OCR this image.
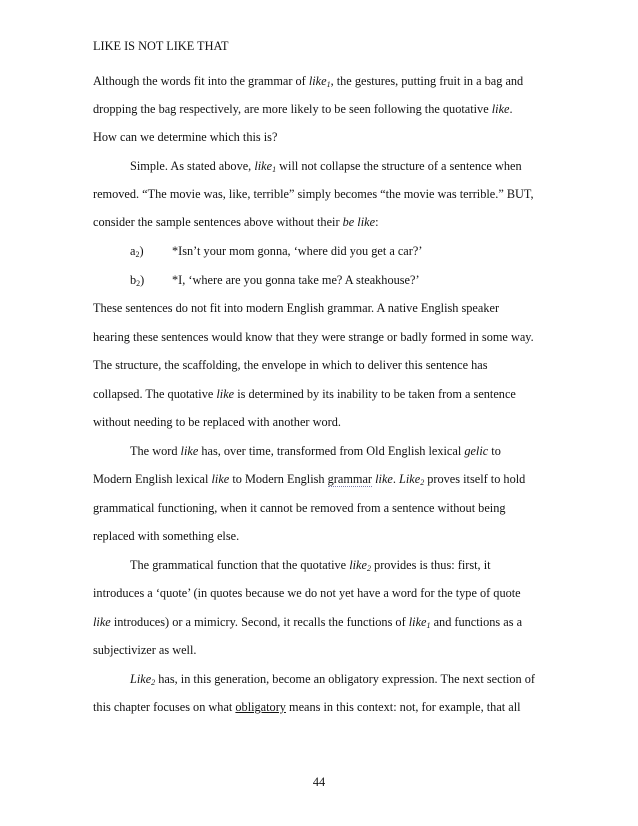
LIKE IS NOT LIKE THAT
Although the words fit into the grammar of like$_1$, the gestures, putting fruit in a bag and
dropping the bag respectively, are more likely to be seen following the quotative like.
How can we determine which this is?
Simple. As stated above, like$_1$ will not collapse the structure of a sentence when
removed. “The movie was, like, terrible” simply becomes “the movie was terrible.” BUT,
consider the sample sentences above without their be like:
$a_2$) *Isn’t your mom gonna, ‘where did you get a car?’
$b_2$) *I, ‘where are you gonna take me? A steakhouse?’
These sentences do not fit into modern English grammar. A native English speaker
hearing these sentences would know that they were strange or badly formed in some way.
The structure, the scaffolding, the envelope in which to deliver this sentence has
collapsed. The quotative like is determined by its inability to be taken from a sentence
without needing to be replaced with another word.
The word like has, over time, transformed from Old English lexical gelic to
Modern English lexical like to Modern English grammar like. Like$_2$ proves itself to hold
grammatical functioning, when it cannot be removed from a sentence without being
replaced with something else.
The grammatical function that the quotative like$_2$ provides is thus: first, it
introduces a ‘quote’ (in quotes because we do not yet have a word for the type of quote
like introduces) or a mimicry. Second, it recalls the functions of like$_1$ and functions as a
subjectivizer as well.
Like$_2$ has, in this generation, become an obligatory expression. The next section of
this chapter focuses on what obligatory means in this context: not, for example, that all
44
